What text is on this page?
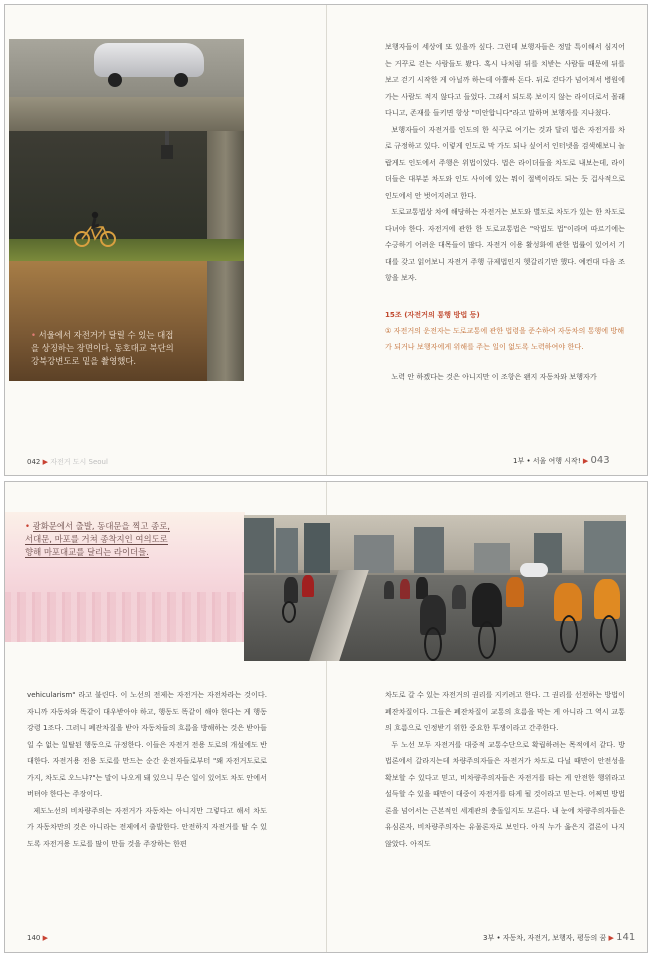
• 서울에서 자전거가 달릴 수 있는 대접을 상징하는 장면이다. 동호대교 북단의 강북강변도로 밑을 촬영했다.

보행자들이 세상에 또 있을까 싶다. 그런데 보행자들은 정말 특이해서 심지어는 거꾸로 걷는 사람들도 봤다. 혹시 나처럼 뒤를 치받는 사람들 때문에 뒤를 보고 걷기 시작한 게 아닐까 하는데 아뿔싸 돈다. 뒤로 걷다가 넘어져서 병원에 가는 사람도 적지 않다고 들었다. 그래서 되도록 보이지 않는 라이더로서 몰래 다니고, 존재를 들키면 항상 "미안합니다"라고 말하며 보행자를 지나쳤다.

보행자들이 자전거를 인도의 한 식구로 여기는 것과 달리 법은 자전거를 차로 규정하고 있다. 이렇게 인도로 막 가도 되나 싶어서 인터넷을 검색해보니 놀랍게도 인도에서 주행은 위법이었다. 법은 라이더들을 차도로 내보는데, 라이더들은 대부분 차도와 인도 사이에 있는 뭐이 절벽이라도 되는 듯 겁사적으로 인도에서 안 벗어지려고 한다.

도로교통법상 차에 해당하는 자전거는 보도와 별도로 차도가 있는 한 차도로 다녀야 한다. 자전거에 관한 한 도로교통법은 "악법도 법"이라며 따르기에는 수긍하기 어려운 대목들이 많다. 자전거 이용 활성화에 관한 법률이 있어서 기대를 갖고 읽어보니 자전거 주행 규제법인지 헷갈리기만 했다. 예컨대 다음 조항을 보자.

15조 (자전거의 통행 방법 등)
① 자전거의 운전자는 도로교통에 관한 법령을 준수하여 자동차의 통행에 방해가 되거나 보행자에게 위해를 주는 일이 없도록 노력하여야 한다.

노력 안 하겠다는 것은 아니지만 이 조항은 왠지 자동차와 보행자가

042 ▶ 자전거 도시 Seoul	1부 • 서울 여행 시작! ▶ 043
• 광화문에서 출발, 동대문을 찍고 종로,
서대문, 마포를 거쳐 종착지인 여의도로
향해 마포대교를 달리는 라이더들.

vehicularism" 라고 불린다. 이 노선의 전제는 자전거는 자전차라는 것이다. 자니까 자동차와 똑같이 대우받아야 하고, 행동도 똑같이 해야 한다는 게 행동 강령 1조다. 그러니 폐잔차질을 받아 자동차들의 흐름을 방해하는 것은 받아들일 수 없는 일탈된 행동으로 규정한다. 이들은 자전거 전용 도로의 개설에도 반대한다. 자전거용 전용 도로를 만드는 순간 운전자들로부터 "왜 자전거도로로 가지, 차도로 오느냐?"는 말이 나오게 돼 있으니 무슨 일이 있어도 차도 안에서 버텨야 한다는 주장이다.

제도노선의 비차량주의는 자전거가 자동차는 아니지만 그렇다고 해서 차도가 자동차만의 것은 아니라는 전제에서 출발한다. 안전하지 자전거를 탈 수 있도록 자전거용 도로를 많이 만들 것을 주장하는 한편

차도로 갈 수 있는 자전거의 권리를 지키려고 한다. 그 권리를 선전하는 방법이 폐잔차질이다. 그들은 폐잔차질이 교통의 흐름을 막는 게 아니라 그 역시 교통의 흐름으로 인정받기 위한 중요한 투쟁이라고 간주한다.

두 노선 모두 자전거를 대중적 교통수단으로 확립하려는 목적에서 같다. 방법론에서 갈라지는데 차량주의자들은 자전거가 차도로 다닐 때만이 안전성을 확보할 수 있다고 믿고, 비차량주의자들은 자전거를 타는 게 안전한 행위라고 설득할 수 있을 때만이 대중이 자전거를 타게 될 것이라고 믿는다. 어쩌면 방법론을 넘어서는 근본적인 세계관의 충돌일지도 모른다. 내 눈에 차량주의자들은 유심론자, 비차량주의자는 유물론자로 보인다. 아직 누가 옳은지 결론이 나지 않았다. 아직도

140 ▶	3부 • 자동차, 자전거, 보행자, 평등의 꿈 ▶ 141
